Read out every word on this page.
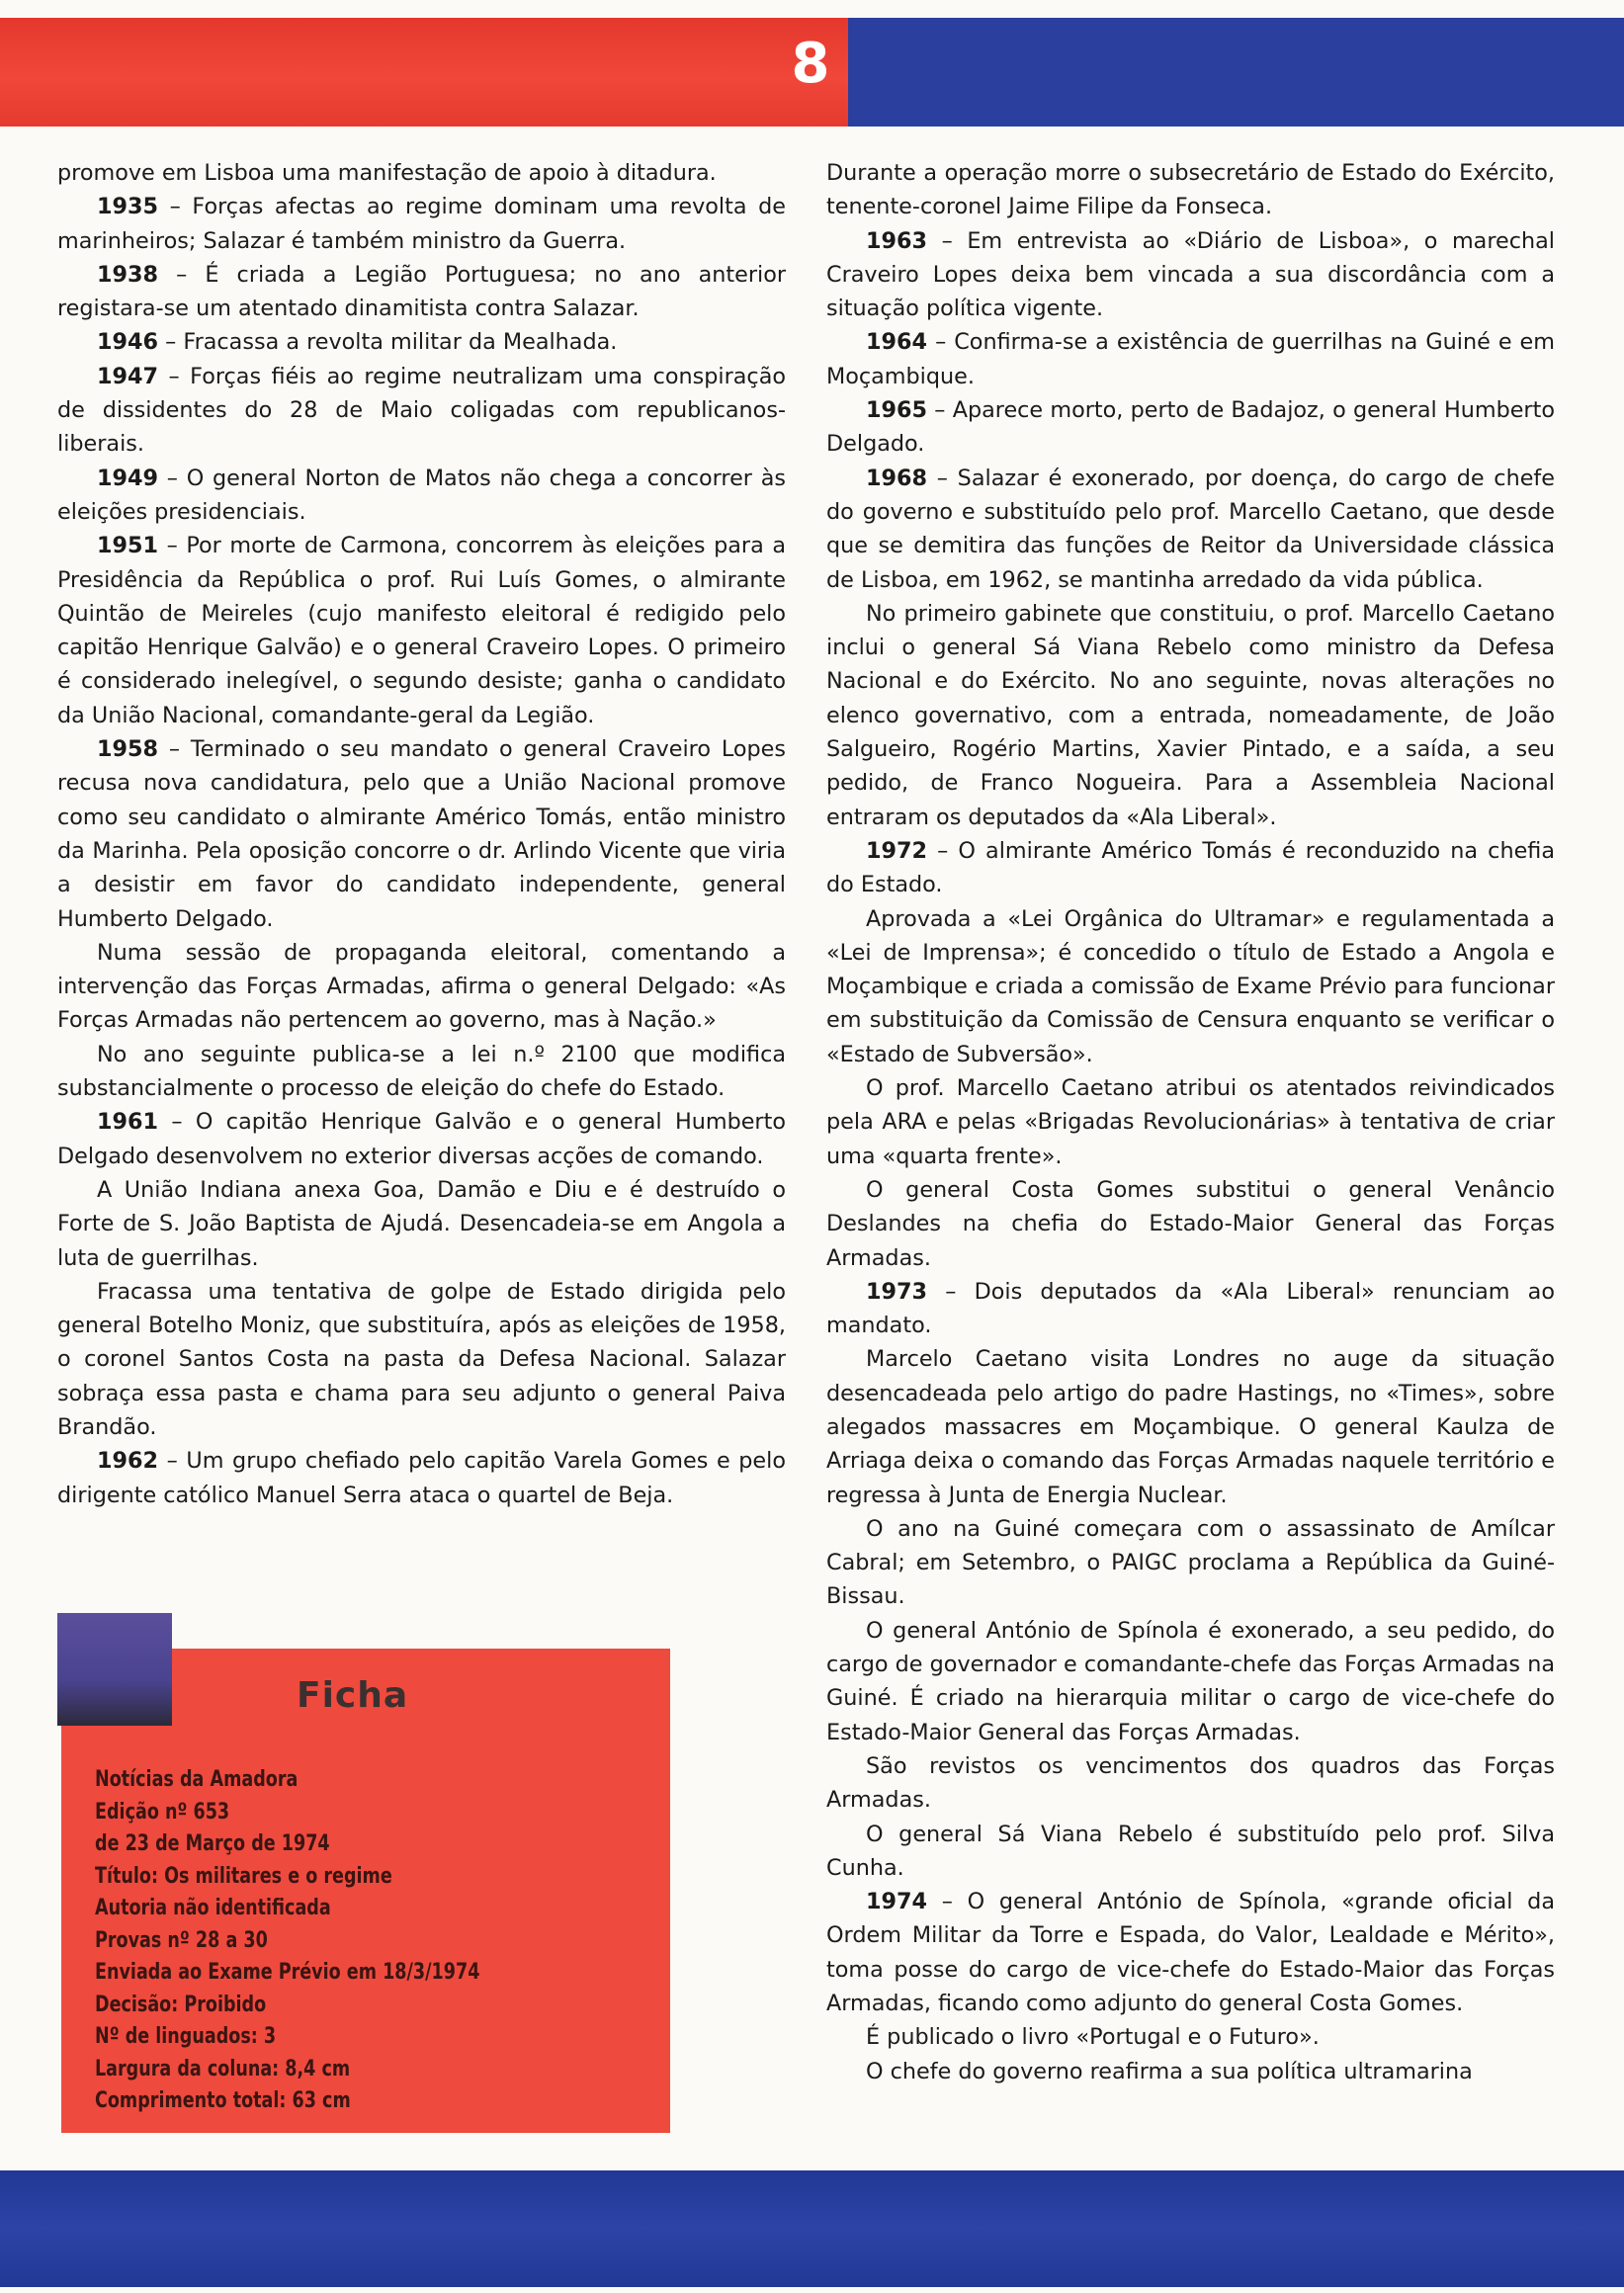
8

promove em Lisboa uma manifestação de apoio à ditadura.

1935 – Forças afectas ao regime dominam uma revolta de marinheiros; Salazar é também ministro da Guerra.

1938 – É criada a Legião Portuguesa; no ano anterior registara-se um atentado dinamitista contra Salazar.

1946 – Fracassa a revolta militar da Mealhada.

1947 – Forças fiéis ao regime neutralizam uma conspiração de dissidentes do 28 de Maio coligadas com republicanos-liberais.

1949 – O general Norton de Matos não chega a concorrer às eleições presidenciais.

1951 – Por morte de Carmona, concorrem às eleições para a Presidência da República o prof. Rui Luís Gomes, o almirante Quintão de Meireles (cujo manifesto eleitoral é redigido pelo capitão Henrique Galvão) e o general Craveiro Lopes. O primeiro é considerado inelegível, o segundo desiste; ganha o candidato da União Nacional, comandante-geral da Legião.

1958 – Terminado o seu mandato o general Craveiro Lopes recusa nova candidatura, pelo que a União Nacional promove como seu candidato o almirante Américo Tomás, então ministro da Marinha. Pela oposição concorre o dr. Arlindo Vicente que viria a desistir em favor do candidato independente, general Humberto Delgado.

Numa sessão de propaganda eleitoral, comentando a intervenção das Forças Armadas, afirma o general Delgado: «As Forças Armadas não pertencem ao governo, mas à Nação.»

No ano seguinte publica-se a lei n.º 2100 que modifica substancialmente o processo de eleição do chefe do Estado.

1961 – O capitão Henrique Galvão e o general Humberto Delgado desenvolvem no exterior diversas acções de comando.

A União Indiana anexa Goa, Damão e Diu e é destruído o Forte de S. João Baptista de Ajudá. Desencadeia-se em Angola a luta de guerrilhas.

Fracassa uma tentativa de golpe de Estado dirigida pelo general Botelho Moniz, que substituíra, após as eleições de 1958, o coronel Santos Costa na pasta da Defesa Nacional. Salazar sobraça essa pasta e chama para seu adjunto o general Paiva Brandão.

1962 – Um grupo chefiado pelo capitão Varela Gomes e pelo dirigente católico Manuel Serra ataca o quartel de Beja.

Durante a operação morre o subsecretário de Estado do Exército, tenente-coronel Jaime Filipe da Fonseca.

1963 – Em entrevista ao «Diário de Lisboa», o marechal Craveiro Lopes deixa bem vincada a sua discordância com a situação política vigente.

1964 – Confirma-se a existência de guerrilhas na Guiné e em Moçambique.

1965 – Aparece morto, perto de Badajoz, o general Humberto Delgado.

1968 – Salazar é exonerado, por doença, do cargo de chefe do governo e substituído pelo prof. Marcello Caetano, que desde que se demitira das funções de Reitor da Universidade clássica de Lisboa, em 1962, se mantinha arredado da vida pública.

No primeiro gabinete que constituiu, o prof. Marcello Caetano inclui o general Sá Viana Rebelo como ministro da Defesa Nacional e do Exército. No ano seguinte, novas alterações no elenco governativo, com a entrada, nomeadamente, de João Salgueiro, Rogério Martins, Xavier Pintado, e a saída, a seu pedido, de Franco Nogueira. Para a Assembleia Nacional entraram os deputados da «Ala Liberal».

1972 – O almirante Américo Tomás é reconduzido na chefia do Estado.

Aprovada a «Lei Orgânica do Ultramar» e regulamentada a «Lei de Imprensa»; é concedido o título de Estado a Angola e Moçambique e criada a comissão de Exame Prévio para funcionar em substituição da Comissão de Censura enquanto se verificar o «Estado de Subversão».

O prof. Marcello Caetano atribui os atentados reivindicados pela ARA e pelas «Brigadas Revolucionárias» à tentativa de criar uma «quarta frente».

O general Costa Gomes substitui o general Venâncio Deslandes na chefia do Estado-Maior General das Forças Armadas.

1973 – Dois deputados da «Ala Liberal» renunciam ao mandato.

Marcelo Caetano visita Londres no auge da situação desencadeada pelo artigo do padre Hastings, no «Times», sobre alegados massacres em Moçambique. O general Kaulza de Arriaga deixa o comando das Forças Armadas naquele território e regressa à Junta de Energia Nuclear.

O ano na Guiné começara com o assassinato de Amílcar Cabral; em Setembro, o PAIGC proclama a República da Guiné-Bissau.

O general António de Spínola é exonerado, a seu pedido, do cargo de governador e comandante-chefe das Forças Armadas na Guiné. É criado na hierarquia militar o cargo de vice-chefe do Estado-Maior General das Forças Armadas.

São revistos os vencimentos dos quadros das Forças Armadas.

O general Sá Viana Rebelo é substituído pelo prof. Silva Cunha.

1974 – O general António de Spínola, «grande oficial da Ordem Militar da Torre e Espada, do Valor, Lealdade e Mérito», toma posse do cargo de vice-chefe do Estado-Maior das Forças Armadas, ficando como adjunto do general Costa Gomes.

É publicado o livro «Portugal e o Futuro».

O chefe do governo reafirma a sua política ultramarina

Ficha
Notícias da Amadora
Edição nº 653
de 23 de Março de 1974
Título: Os militares e o regime
Autoria não identificada
Provas nº 28 a 30
Enviada ao Exame Prévio em 18/3/1974
Decisão: Proibido
Nº de linguados: 3
Largura da coluna: 8,4 cm
Comprimento total: 63 cm
